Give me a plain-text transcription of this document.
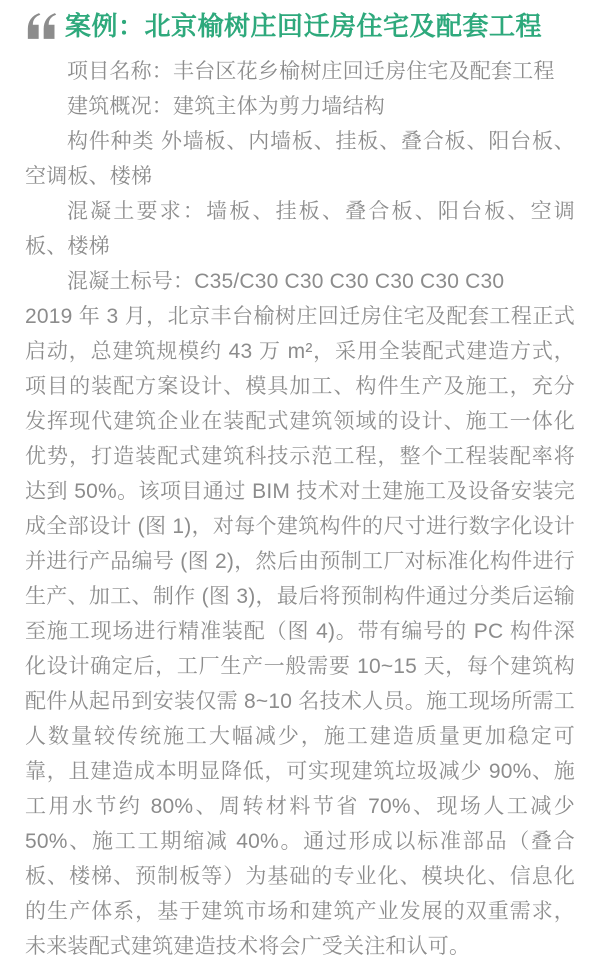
案例：北京榆树庄回迁房住宅及配套工程

项目名称：丰台区花乡榆树庄回迁房住宅及配套工程

建筑概况：建筑主体为剪力墙结构

构件种类 外墙板、内墙板、挂板、叠合板、阳台板、空调板、楼梯

混凝土要求：墙板、挂板、叠合板、阳台板、空调板、楼梯

混凝土标号：C35/C30 C30 C30 C30 C30 C30

2019 年 3 月，北京丰台榆树庄回迁房住宅及配套工程正式启动，总建筑规模约 43 万 m²，采用全装配式建造方式，项目的装配方案设计、模具加工、构件生产及施工，充分发挥现代建筑企业在装配式建筑领域的设计、施工一体化优势，打造装配式建筑科技示范工程，整个工程装配率将达到 50%。该项目通过 BIM 技术对土建施工及设备安装完成全部设计 (图 1)，对每个建筑构件的尺寸进行数字化设计并进行产品编号 (图 2)，然后由预制工厂对标准化构件进行生产、加工、制作 (图 3)，最后将预制构件通过分类后运输至施工现场进行精准装配（图 4)。带有编号的 PC 构件深化设计确定后，工厂生产一般需要 10~15 天，每个建筑构配件从起吊到安装仅需 8~10 名技术人员。施工现场所需工人数量较传统施工大幅减少，施工建造质量更加稳定可靠，且建造成本明显降低，可实现建筑垃圾减少 90%、施工用水节约 80%、周转材料节省 70%、现场人工减少 50%、施工工期缩减 40%。通过形成以标准部品（叠合板、楼梯、预制板等）为基础的专业化、模块化、信息化的生产体系，基于建筑市场和建筑产业发展的双重需求，未来装配式建筑建造技术将会广受关注和认可。
